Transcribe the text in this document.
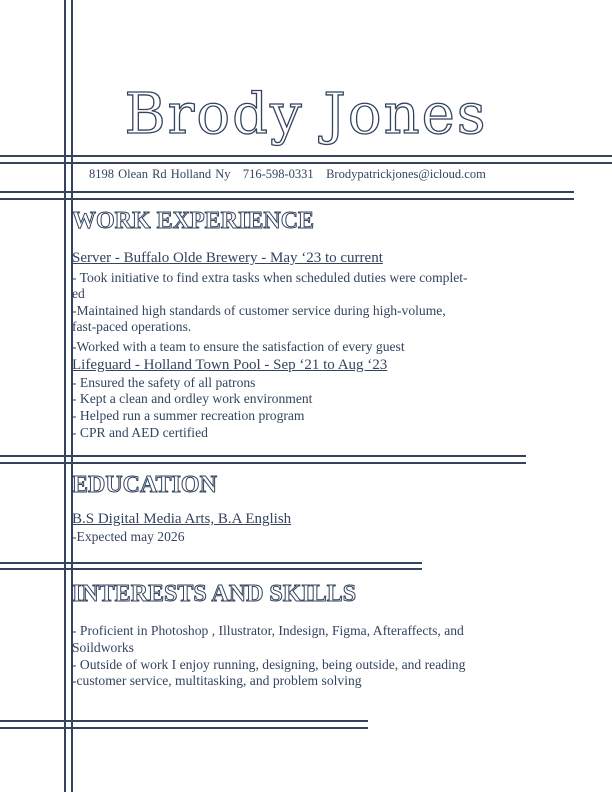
Brody Jones
8198 Olean Rd Holland Ny 716-598-0331 Brodypatrickjones@icloud.com
WORK EXPERIENCE
Server - Buffalo Olde Brewery - May ‘23 to current
- Took initiative to find extra tasks when scheduled duties were complet-
ed
-Maintained high standards of customer service during high-volume,
fast-paced operations.
-Worked with a team to ensure the satisfaction of every guest
Lifeguard - Holland Town Pool - Sep ‘21 to Aug ‘23
- Ensured the safety of all patrons
- Kept a clean and ordley work environment
- Helped run a summer recreation program
- CPR and AED certified
EDUCATION
B.S Digital Media Arts, B.A English
-Expected may 2026
INTERESTS AND SKILLS
- Proficient in Photoshop , Illustrator, Indesign, Figma, Afteraffects, and
Soildworks
- Outside of work I enjoy running, designing, being outside, and reading
-customer service, multitasking, and problem solving
